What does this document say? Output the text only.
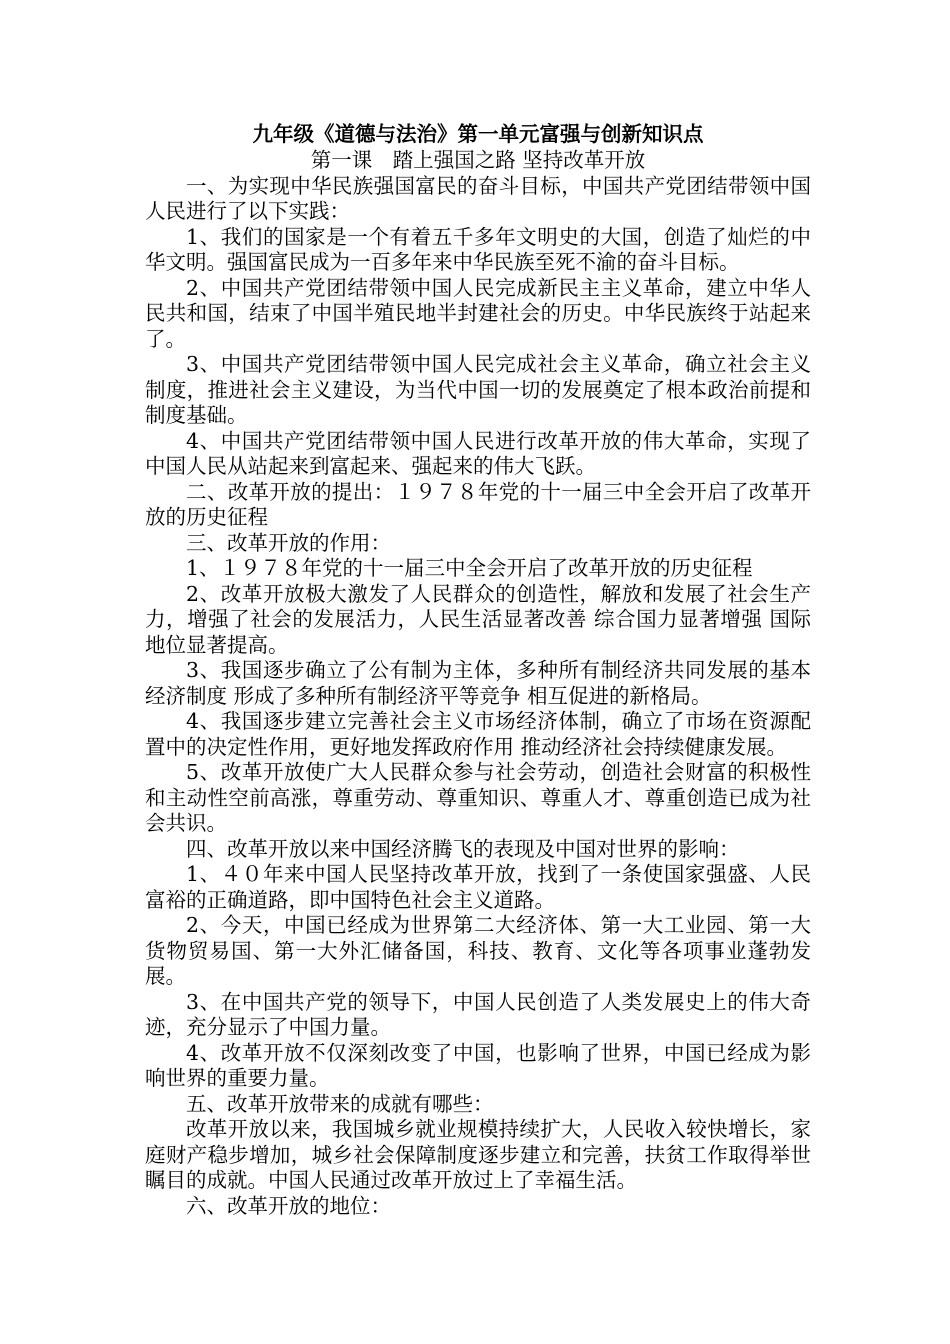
九年级《道德与法治》第一单元富强与创新知识点

第一课　踏上强国之路 坚持改革开放

一、为实现中华民族强国富民的奋斗目标，中国共产党团结带领中国人民进行了以下实践：

1、我们的国家是一个有着五千多年文明史的大国，创造了灿烂的中华文明。强国富民成为一百多年来中华民族至死不渝的奋斗目标。

2、中国共产党团结带领中国人民完成新民主主义革命，建立中华人民共和国，结束了中国半殖民地半封建社会的历史。中华民族终于站起来了。

3、中国共产党团结带领中国人民完成社会主义革命，确立社会主义制度，推进社会主义建设，为当代中国一切的发展奠定了根本政治前提和制度基础。

4、中国共产党团结带领中国人民进行改革开放的伟大革命，实现了中国人民从站起来到富起来、强起来的伟大飞跃。

二、改革开放的提出：１９７８年党的十一届三中全会开启了改革开放的历史征程

三、改革开放的作用：

1、１９７８年党的十一届三中全会开启了改革开放的历史征程

2、改革开放极大激发了人民群众的创造性，解放和发展了社会生产力，增强了社会的发展活力，人民生活显著改善 综合国力显著增强 国际地位显著提高。

3、我国逐步确立了公有制为主体，多种所有制经济共同发展的基本经济制度 形成了多种所有制经济平等竞争 相互促进的新格局。

4、我国逐步建立完善社会主义市场经济体制，确立了市场在资源配置中的决定性作用，更好地发挥政府作用 推动经济社会持续健康发展。

5、改革开放使广大人民群众参与社会劳动，创造社会财富的积极性和主动性空前高涨，尊重劳动、尊重知识、尊重人才、尊重创造已成为社会共识。

四、改革开放以来中国经济腾飞的表现及中国对世界的影响：

1、４０年来中国人民坚持改革开放，找到了一条使国家强盛、人民富裕的正确道路，即中国特色社会主义道路。

2、今天，中国已经成为世界第二大经济体、第一大工业园、第一大货物贸易国、第一大外汇储备国，科技、教育、文化等各项事业蓬勃发展。

3、在中国共产党的领导下，中国人民创造了人类发展史上的伟大奇迹，充分显示了中国力量。

4、改革开放不仅深刻改变了中国，也影响了世界，中国已经成为影响世界的重要力量。

五、改革开放带来的成就有哪些：

改革开放以来，我国城乡就业规模持续扩大，人民收入较快增长，家庭财产稳步增加，城乡社会保障制度逐步建立和完善，扶贫工作取得举世瞩目的成就。中国人民通过改革开放过上了幸福生活。

六、改革开放的地位：
